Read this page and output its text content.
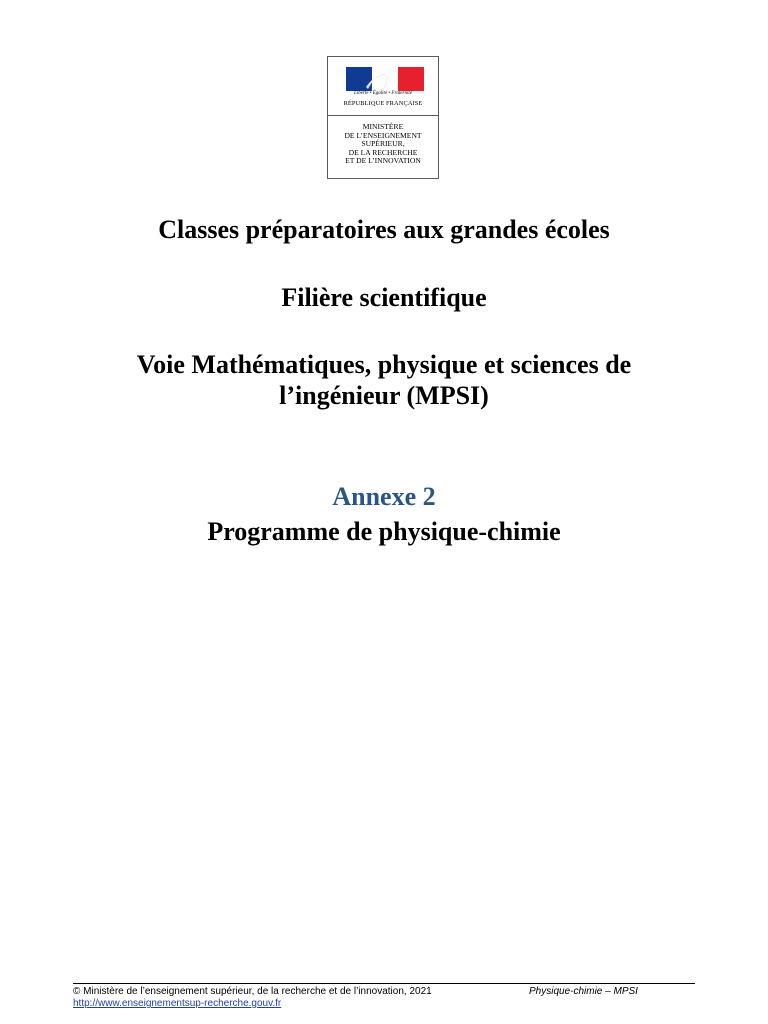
Liberté • Égalité • Fraternité
RÉPUBLIQUE FRANÇAISE
MINISTÈRE
DE L’ENSEIGNEMENT
SUPÉRIEUR,
DE LA RECHERCHE
ET DE L’INNOVATION
Classes préparatoires aux grandes écoles
Filière scientifique
Voie Mathématiques, physique et sciences de
l’ingénieur (MPSI)
Annexe 2
Programme de physique-chimie
© Ministère de l’enseignement supérieur, de la recherche et de l’innovation, 2021	Physique-chimie – MPSI
http://www.enseignementsup-recherche.gouv.fr
